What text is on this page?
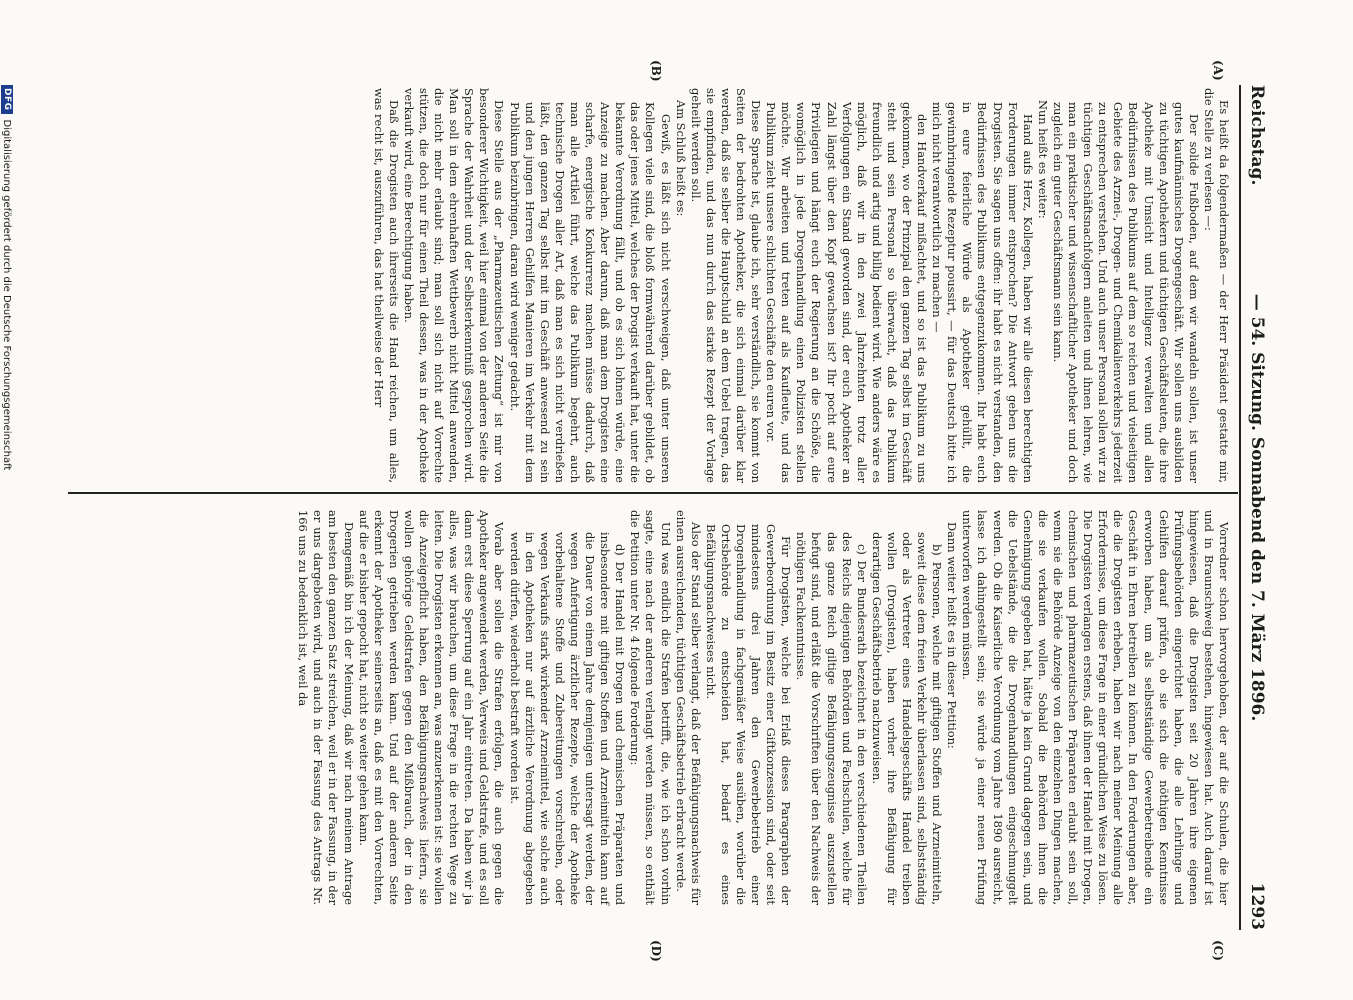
Reichstag.
— 54. Sitzung. Sonnabend den 7. März 1896.
1293
(A)
(B)
(C)
(D)

Es heißt da folgendermaßen — der Herr Präsident gestatte mir, die Stelle zu verlesen —:

Der solide Fußboden, auf dem wir wandeln sollen, ist unser gutes kaufmännisches Drogengeschäft. Wir sollen uns ausbilden zu tüchtigen Apothekern und tüchtigen Geschäftsleuten, die ihre Apotheke mit Umsicht und Intelligenz verwalten und allen Bedürfnissen des Publikums auf dem so reichen und vielseitigen Gebiete des Arznei-, Drogen- und Chemikalienverkehrs jederzeit zu entsprechen verstehen. Und auch unser Personal sollen wir zu tüchtigen Geschäftsnachfolgern anleiten und ihnen lehren, wie man ein praktischer und wissenschaftlicher Apotheker und doch zugleich ein guter Geschäftsmann sein kann.

Nun heißt es weiter:

Hand aufs Herz, Kollegen, haben wir alle diesen berechtigten Forderungen immer entsprochen? Die Antwort geben uns die Drogisten. Sie sagen uns offen: ihr habt es nicht verstanden, den Bedürfnissen des Publikums entgegenzukommen. Ihr habt euch in eure feierliche Würde als Apotheker gehüllt, die gewinnbringende Rezeptur poussirt, — für das Deutsch bitte ich mich nicht verantwortlich zu machen —

den Handverkauf mißachtet, und so ist das Publikum zu uns gekommen, wo der Prinzipal den ganzen Tag selbst im Geschäft steht und sein Personal so überwacht, daß das Publikum freundlich und artig und billig bedient wird. Wie anders wäre es möglich, daß wir in den zwei Jahrzehnten trotz aller Verfolgungen ein Stand geworden sind, der euch Apotheker an Zahl längst über den Kopf gewachsen ist? Ihr pocht auf eure Privilegien und hängt euch der Regierung an die Schöße, die womöglich in jede Drogenhandlung einen Polizisten stellen möchte. Wir arbeiten und treten auf als Kaufleute, und das Publikum zieht unsere schlichten Geschäfte den euren vor.

Diese Sprache ist, glaube ich, sehr verständlich, sie kommt von Seiten der bedrohten Apotheker, die sich einmal darüber klar werden, daß sie selber die Hauptschuld an dem Uebel tragen, das sie empfinden, und das nun durch das starke Rezept der Vorlage geheilt werden soll.

Am Schluß heißt es:

Gewiß, es läßt sich nicht verschweigen, daß unter unseren Kollegen viele sind, die bloß formwährend darüber gebildet, ob das oder jenes Mittel, welches der Drogist verkauft hat, unter die bekannte Verordnung fällt, und ob es sich lohnen würde, eine Anzeige zu machen. Aber darum, daß man dem Drogisten eine scharfe, energische Konkurrenz machen müsse dadurch, daß man alle Artikel führt, welche das Publikum begehrt, auch technische Drogen aller Art, daß man es sich nicht verdrießen läßt, den ganzen Tag selbst mit im Geschäft anwesend zu sein und den jungen Herren Gehilfen Manieren im Verkehr mit dem Publikum beizubringen, daran wird weniger gedacht.

Diese Stelle aus der „Pharmazeutischen Zeitung“ ist mir von besonderer Wichtigkeit, weil hier einmal von der anderen Seite die Sprache der Wahrheit und der Selbsterkenntniß gesprochen wird. Man soll in dem ehrenhaften Wettbewerb nicht Mittel anwenden, die nicht mehr erlaubt sind; man soll sich nicht auf Vorrechte stützen, die doch nur für einen Theil dessen, was in der Apotheke verkauft wird, eine Berechtigung haben.

Daß die Drogisten auch ihrerseits die Hand reichen, um alles, was recht ist, auszuführen, das hat theilweise der Herr

Vorredner schon hervorgehoben, der auf die Schulen, die hier und in Braunschweig bestehen, hingewiesen hat. Auch darauf ist hingewiesen, daß die Drogisten seit 20 Jahren ihre eigenen Prüfungsbehörden eingerichtet haben, die alle Lehrlinge und Gehilfen darauf prüfen, ob sie sich die nöthigen Kenntnisse erworben haben, um als selbstständige Gewerbetreibende ein Geschäft in Ehren betreiben zu können. In den Forderungen aber, die die Drogisten erheben, haben wir nach meiner Meinung alle Erfordernisse, um diese Frage in einer gründlichen Weise zu lösen. Die Drogisten verlangen erstens, daß ihnen der Handel mit Drogen, chemischen und pharmazeutischen Präparaten erlaubt sein soll, wenn sie die Behörde Anzeige von den einzelnen Dingen machen, die sie verkaufen wollen. Sobald die Behörden ihnen die Genehmigung gegeben hat, hätte ja kein Grund dagegen sein, und die Uebelstände, die die Drogenhandlungen eingeschmuggelt werden. Ob die Kaiserliche Verordnung vom Jahre 1890 ausreicht, lasse ich dahingestellt sein; sie würde ja einer neuen Prüfung unterworfen werden müssen.

Dann weiter heißt es in dieser Petition:

b) Personen, welche mit giftigen Stoffen und Arzneimitteln, soweit diese dem freien Verkehr überlassen sind, selbstständig oder als Vertreter eines Handelsgeschäfts Handel treiben wollen (Drogisten), haben vorher ihre Befähigung für derartigen Geschäftsbetrieb nachzuweisen.

c) Der Bundesrath bezeichnet in den verschiedenen Theilen des Reichs diejenigen Behörden und Fachschulen, welche für das ganze Reich giltige Befähigungszeugnisse auszustellen befugt sind, und erläßt die Vorschriften über den Nachweis der nöthigen Fachkenntnisse.

Für Drogisten, welche bei Erlaß dieses Paragraphen der Gewerbeordnung im Besitz einer Giftkonzession sind, oder seit mindestens drei Jahren den Gewerbebetrieb einer Drogenhandlung in fachgemäßer Weise ausüben, worüber die Ortsbehörde zu entscheiden hat, bedarf es eines Befähigungsnachweises nicht.

Also der Stand selber verlangt, daß der Befähigungsnachweis für einen ausreichenden, tüchtigen Geschäftsbetrieb erbracht werde.

Und was endlich die Strafen betrifft, die, wie ich schon vorhin sagte, eine nach der anderen verlangt werden müssen, so enthält die Petition unter Nr. 4 folgende Forderung:

d) Der Handel mit Drogen und chemischen Präparaten und insbesondere mit giftigen Stoffen und Arzneimitteln kann auf die Dauer von einem Jahre demjenigen untersagt werden, der wegen Anfertigung ärztlicher Rezepte, welche der Apotheke vorbehaltene Stoffe und Zubereitungen vorschreiben, oder wegen Verkaufs stark wirkender Arzneimittel, wie solche auch in den Apotheken nur auf ärztliche Verordnung abgegeben werden dürfen, wiederholt bestraft worden ist.

Vorab aber sollen die Strafen erfolgen, die auch gegen die Apotheker angewendet werden, Verweis und Geldstrafe, und es soll dann erst diese Sperrung auf ein Jahr eintreten. Da haben wir ja alles, was wir brauchen, um diese Frage in die rechten Wege zu leiten. Die Drogisten erkennen an, was anzuerkennen ist: sie wollen die Anzeigepflicht haben, den Befähigungsnachweis liefern, sie wollen gehörige Geldstrafen gegen den Mißbrauch, der in den Drogerien getrieben werden kann. Und auf der anderen Seite erkennt der Apotheker seinerseits an, daß es mit den Vorrechten, auf die er bisher gepocht hat, nicht so weiter gehen kann.

Demgemäß bin ich der Meinung, daß wir nach meinem Antrage am besten den ganzen Satz streichen, weil er in der Fassung, in der er uns dargeboten wird, und auch in der Fassung des Antrags Nr. 166 uns zu bedenklich ist, weil da

DFG
Digitalisierung gefördert durch die Deutsche Forschungsgemeinschaft
